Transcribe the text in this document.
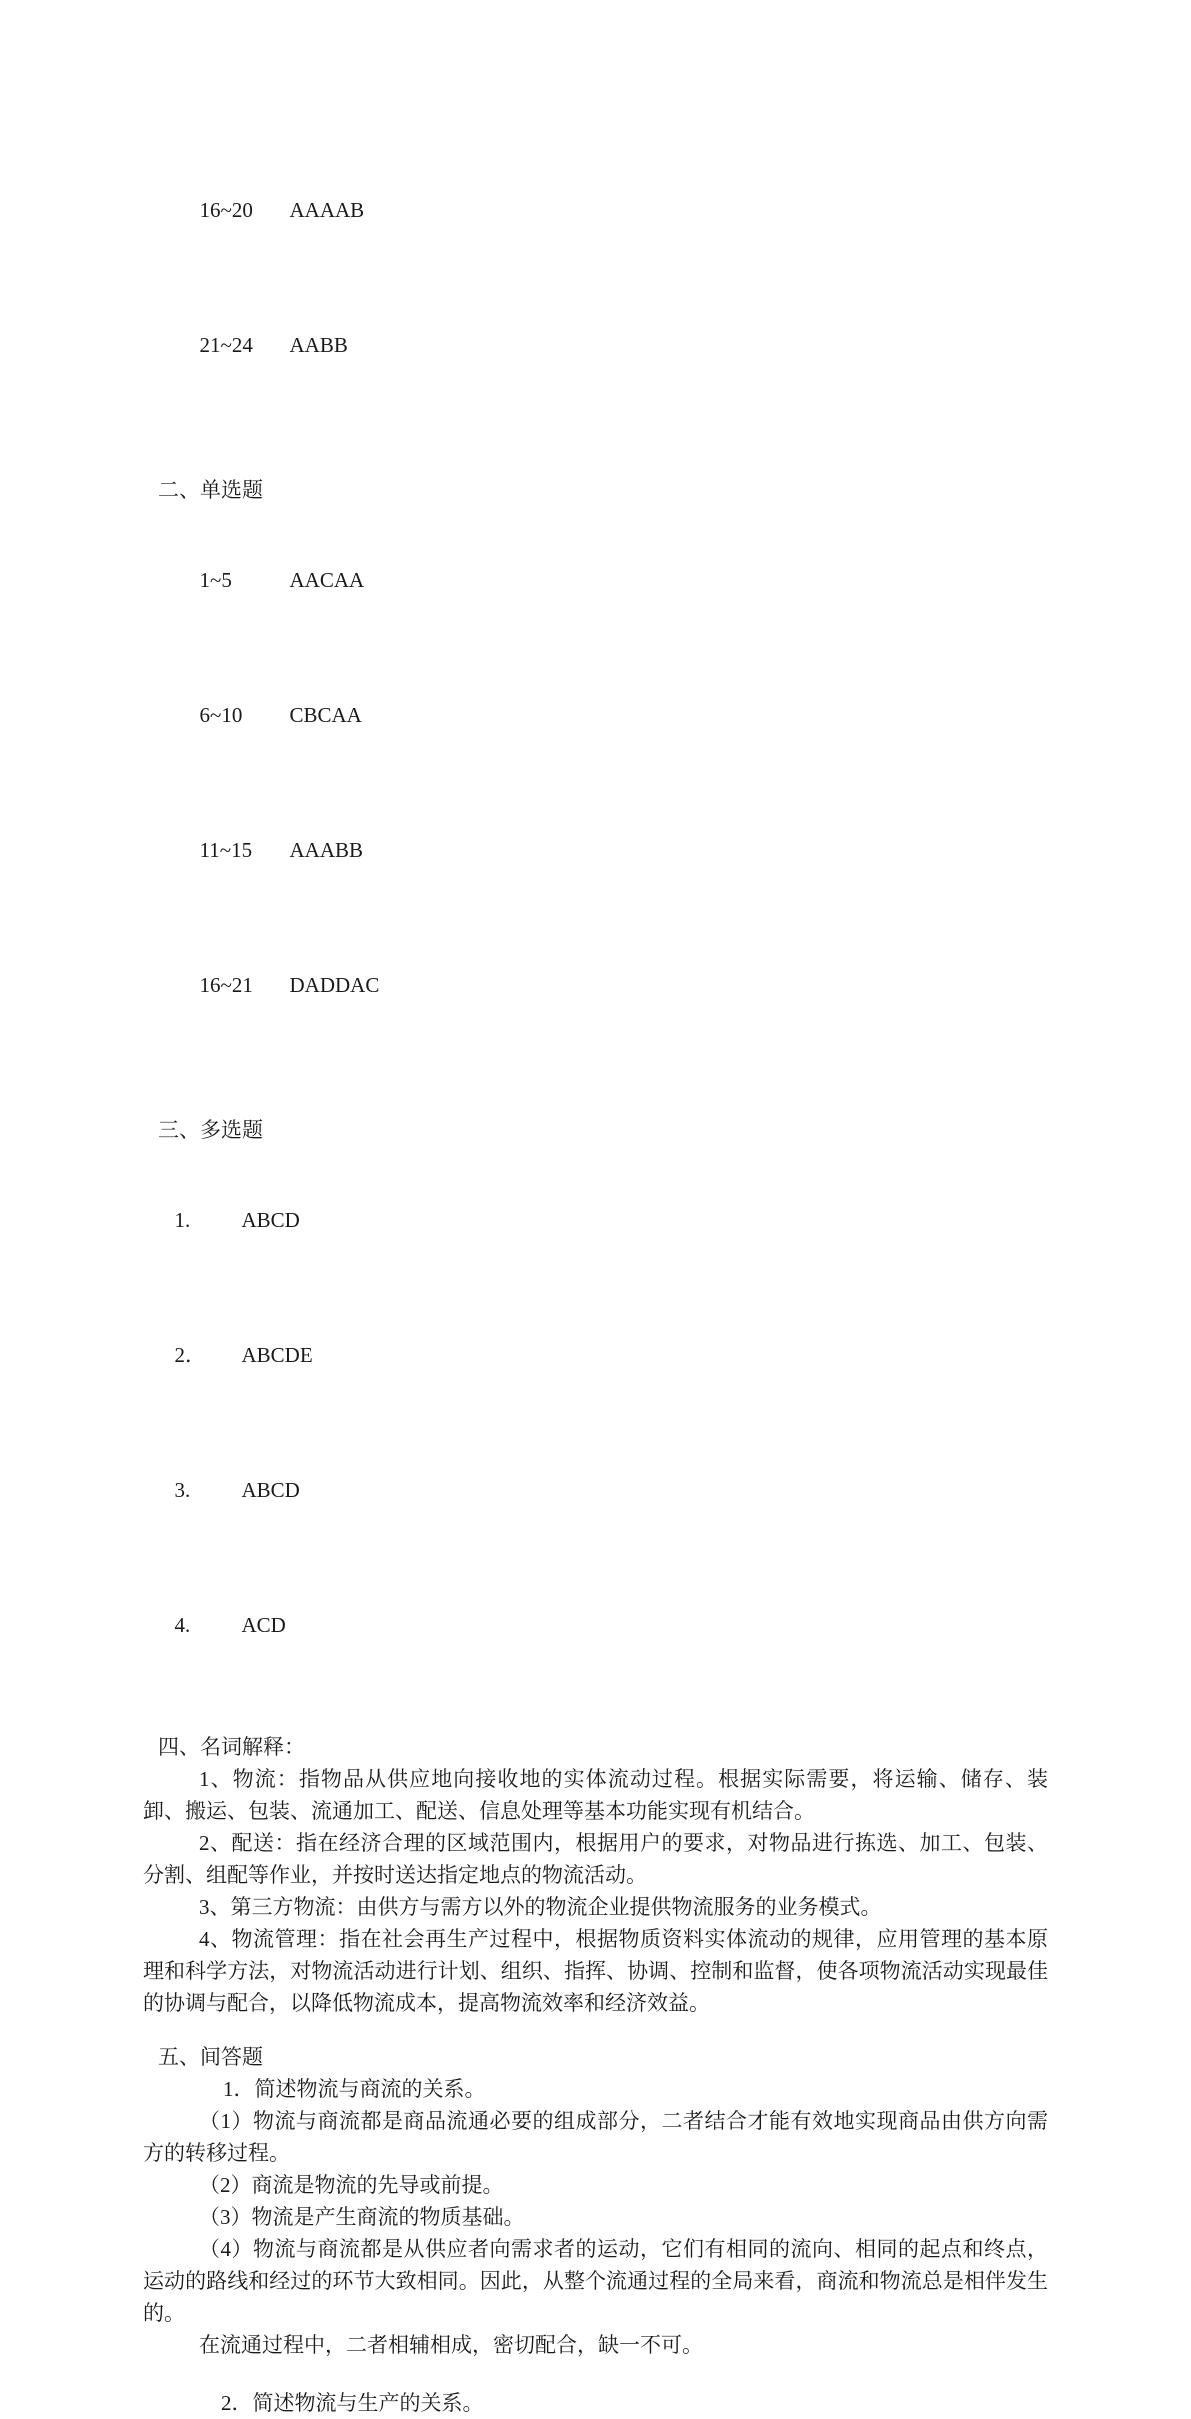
16~20 AAAAB

21~24 AABB

二、单选题

1~5	AACAA

6~10 CBCAA

11~15 AAABB

16~21 DADDAC

三、多选题

1. ABCD

2． ABCDE

3. ABCD

4. ACD

四、名词解释：

1、物流：指物品从供应地向接收地的实体流动过程。根据实际需要，将运输、储存、装卸、搬运、包装、流通加工、配送、信息处理等基本功能实现有机结合。

2、配送：指在经济合理的区域范围内，根据用户的要求，对物品进行拣选、加工、包装、分割、组配等作业，并按时送达指定地点的物流活动。

3、第三方物流：由供方与需方以外的物流企业提供物流服务的业务模式。

4、物流管理：指在社会再生产过程中，根据物质资料实体流动的规律，应用管理的基本原理和科学方法，对物流活动进行计划、组织、指挥、协调、控制和监督，使各项物流活动实现最佳的协调与配合，以降低物流成本，提高物流效率和经济效益。

五、间答题
1．简述物流与商流的关系。

（1）物流与商流都是商品流通必要的组成部分，二者结合才能有效地实现商品由供方向需方的转移过程。

（2）商流是物流的先导或前提。

（3）物流是产生商流的物质基础。

（4）物流与商流都是从供应者向需求者的运动，它们有相同的流向、相同的起点和终点，运动的路线和经过的环节大致相同。因此，从整个流通过程的全局来看，商流和物流总是相伴发生的。

在流通过程中，二者相辅相成，密切配合，缺一不可。

2．简述物流与生产的关系。
